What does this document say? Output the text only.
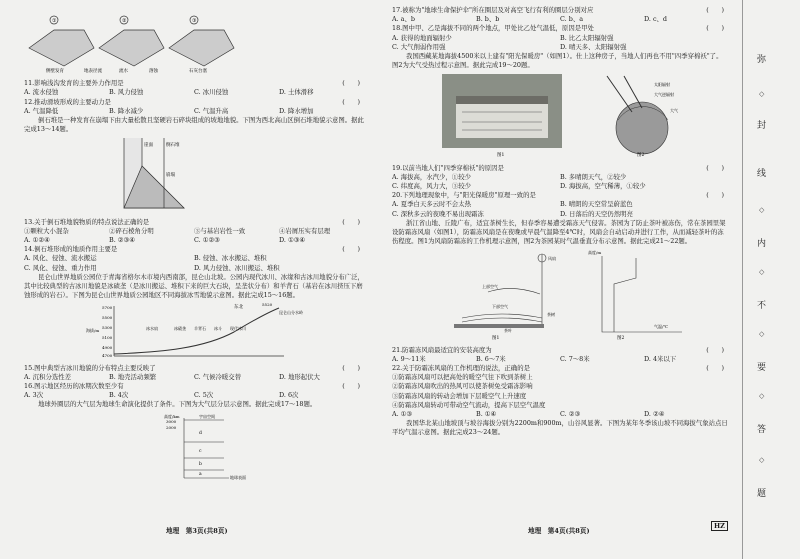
①	②	③
侧壁发育	石灰台塞
地表径流	流水	溶蚀

11.影响浅沟发育的主要外力作用是	(　　)

A. 流水侵蚀	B. 风力侵蚀	C. 冰川侵蚀	D. 土体滑移

12.推动滑坡形成的主要动力是	(　　)

A. 气温降低	B. 降水减少	C. 气温升高	D. 降水增加

倒石堆是一种发育在崩塌下由大量松散且坚硬岩石碎块组成的坡地地貌。下图为西北高山区倒石堆地貌示意图。据此完成13～14题。

崖面	倒石堆
崩塌

13.关于倒石堆地貌物质的特点说法正确的是	(　　)

①颗粒大小混杂	②碎石棱角分明	③与基岩岩性一致	④岩屑压实有层理

A. ①②④	B. ②③④	C. ①②③	D. ①③④

14.倒石堆形成的地质作用主要是	(　　)

A. 风化、侵蚀、流水搬运	B. 侵蚀、冰水搬运、堆积

C. 风化、侵蚀、重力作用	D. 风力侵蚀、冰川搬运、堆积

昆仑山世界地质公园位于青海省格尔木市境内西南部，昆仑山北坡。公园内现代冰川、冰缘和古冰川地貌分布广泛，其中比较典型的古冰川地貌是冰碛垄（是冰川搬运、堆积下来的巨大石块，呈垄状分布）和羊背石（基岩在冰川挤压下磨蚀形成的岩石）。下图为昆仑山世界地质公园地区不同海拔冰雪地貌示意图。据此完成15～16题。

5700
5500
5300
5100
4900
4700
东北
5520
昆仑山分水岭
冰水扇	冰碛垄 羊背石 冰斗 现代冰川
海拔/m

15.图中典型古冰川地貌的分布特点主要反映了	(　　)

A. 沉积分选性差	B. 地壳活动频繁	C. 气候冷暖交替	D. 地形起伏大

16.图示地区经历的冰期次数至少有	(　　)

A. 3次	B. 4次	C. 5次	D. 6次

地球外圈层的大气层为地球生命演化提供了条件。下图为大气层分层示意图。据此完成17～18题。

高度/km
3000
2000
宇宙空间
d
c
b
a
地球表面
地理　第3页(共8页)

17.被称为"地球生命保护伞"所在圈层及对高空飞行有利的圈层分别对应	(　　)

A. a、b	B. b、b	C. b、a	D. c、d

18.图中甲、乙是海拔不同的两个地点，甲处比乙处气温低，原因是甲处	(　　)

A. 获得的地面辐射少	B. 比乙太阳辐射强

C. 大气削弱作用强	D. 晴天多、太阳辐射强

我国西藏某地海拔4500米以上建有"阳光保暖房"（如图1）。仕上这种房子，当地人们再也不用"四季穿棉袄"了。图2为大气受热过程示意图。据此完成19～20题。

图1
太阳辐射
大气逆辐射
大气
图2

19.以前当地人们"四季穿棉袄"的原因是	(　　)

A. 海拔高，水汽少，①较少	B. 多晴朗天气，②较少

C. 纬度高，风力大，③较少	D. 海拔高，空气稀薄，①较少

20.下列地理现象中，与"阳光保暖房"原理一致的是	(　　)

A. 夏季白天多云时不会太热	B. 晴朗的天空常呈蔚蓝色

C. 深秋多云的夜晚不易出现霜冻	D. 日落后的天空仍然明亮

浙江省山地、丘陵广布，适宜茶树生长，但春季容易遭受霜冻天气侵害。茶园为了防止茶叶被冻伤，常在茶园里架设防霜冻风扇（如图1），防霜冻风扇是在夜晚或早晨气温降至4℃时，风扇会自动启动并进行工作，从而减轻茶叶的冻伤程度。图1为风扇防霜冻的工作机理示意图，图2为茶园某时气温垂直分布示意图。据此完成21～22题。

风扇
上部空气
下部空气
茶树
茶叶
图1
高度/m
气温/℃
图2

21.防霜冻风扇最适宜的安装高度为	(　　)

A. 9～11米	B. 6～7米	C. 7～8米	D. 4米以下

22.关于防霜冻风扇的工作机理的说法，正确的是	(　　)

①防霜冻风扇可以把高处的暖空气往下吹到茶树上

②防霜冻风扇吹出的热风可以使茶树免受霜冻影响

③防霜冻风扇的转动会增加下层暖空气上升速度

④防霜冻风扇转动可带动空气流动，提高下层空气温度

A. ①③	B. ①④	C. ②③	D. ②④

我国华北某山地坡顶与坡谷海拔分别为2200m和900m，山谷风显著。下图为某年冬季该山坡不同海拔气象站点日平均气温示意图。据此完成23～24题。

地理　第4页(共8页)
HZ
弥
◇
封
线
◇
内
◇
不
◇
要
◇
答
◇
题
